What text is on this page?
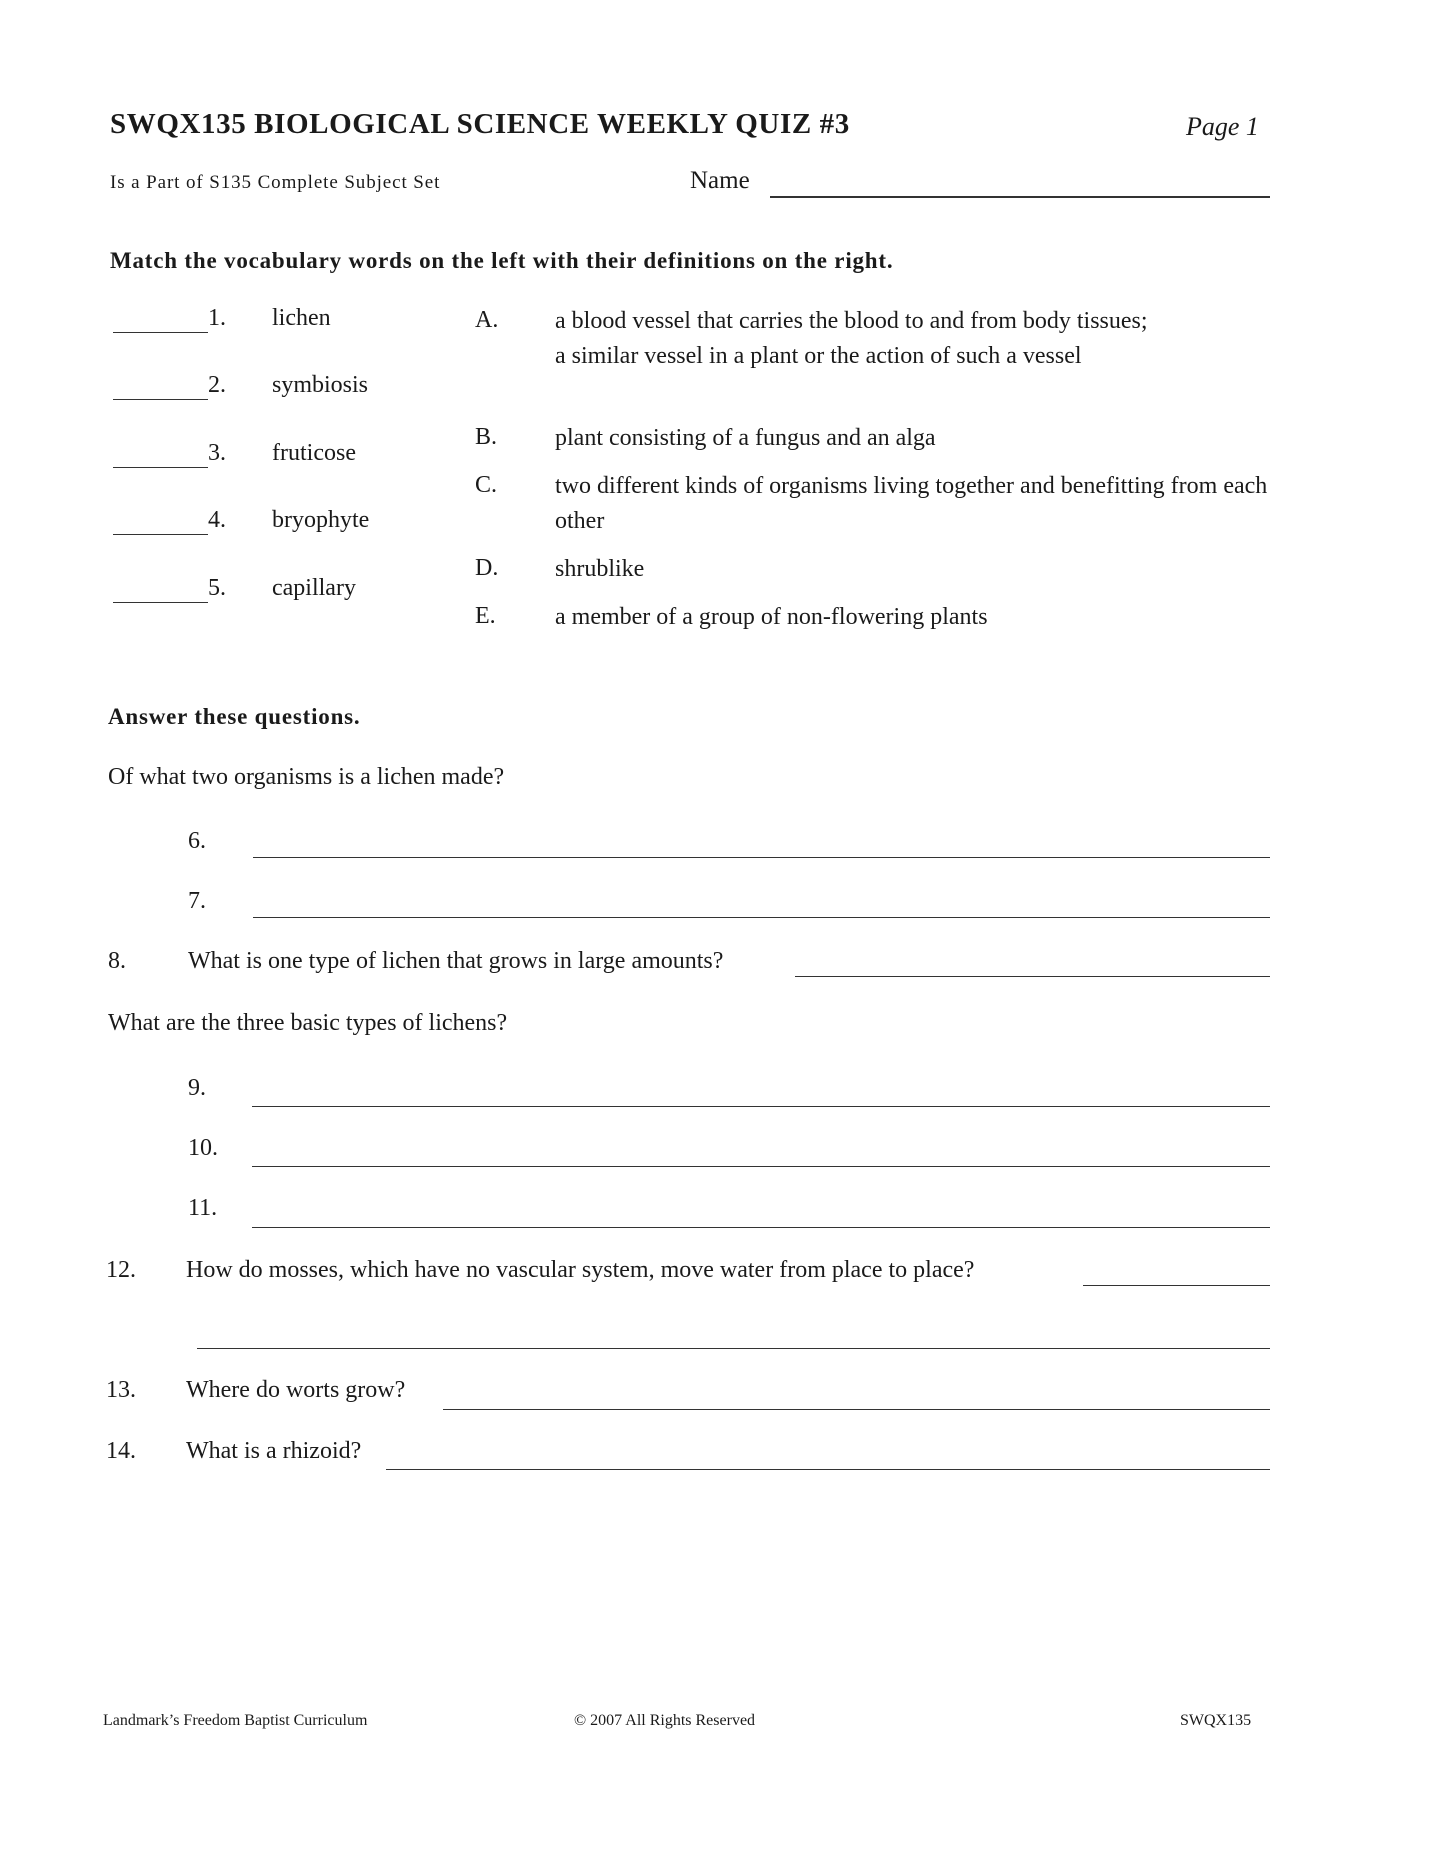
SWQX135 BIOLOGICAL SCIENCE WEEKLY QUIZ #3	Page 1
Is a Part of S135 Complete Subject Set	Name
Match the vocabulary words on the left with their definitions on the right.
1. lichen
2. symbiosis
3. fruticose
4. bryophyte
5. capillary
A. a blood vessel that carries the blood to and from body tissues; a similar vessel in a plant or the action of such a vessel
B. plant consisting of a fungus and an alga
C. two different kinds of organisms living together and benefitting from each other
D. shrublike
E. a member of a group of non-flowering plants
Answer these questions.
Of what two organisms is a lichen made?
6.
7.
8.	What is one type of lichen that grows in large amounts?
What are the three basic types of lichens?
9.
10.
11.
12. How do mosses, which have no vascular system, move water from place to place?
13. Where do worts grow?
14. What is a rhizoid?
Landmark’s Freedom Baptist Curriculum	© 2007 All Rights Reserved	SWQX135
